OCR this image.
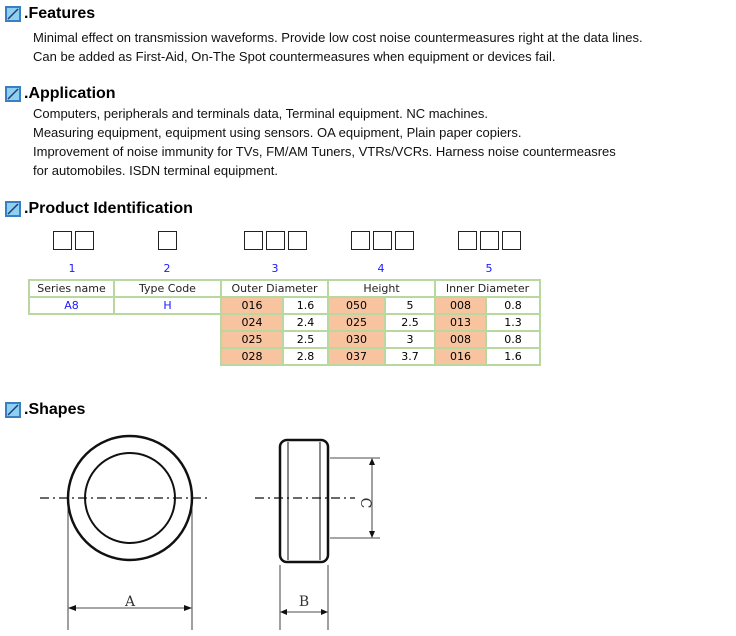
.Features
Minimal effect on transmission waveforms. Provide low cost noise countermeasures right at the data lines.
Can be added as First-Aid, On-The Spot countermeasures when equipment or devices fail.
.Application
Computers, peripherals and terminals data, Terminal equipment. NC machines.
Measuring equipment, equipment using sensors. OA equipment, Plain paper copiers.
Improvement of noise immunity for TVs, FM/AM Tuners, VTRs/VCRs. Harness noise countermeasres
for automobiles. ISDN terminal equipment.
.Product Identification
1	2	3	4	5
Series name	Type Code	Outer Diameter		Height		Inner Diameter	
A8	H	016	1.6	050	5	008	0.8
		024	2.4	025	2.5	013	1.3
		025	2.5	030	3	008	0.8
		028	2.8	037	3.7	016	1.6
.Shapes
A	B
C
